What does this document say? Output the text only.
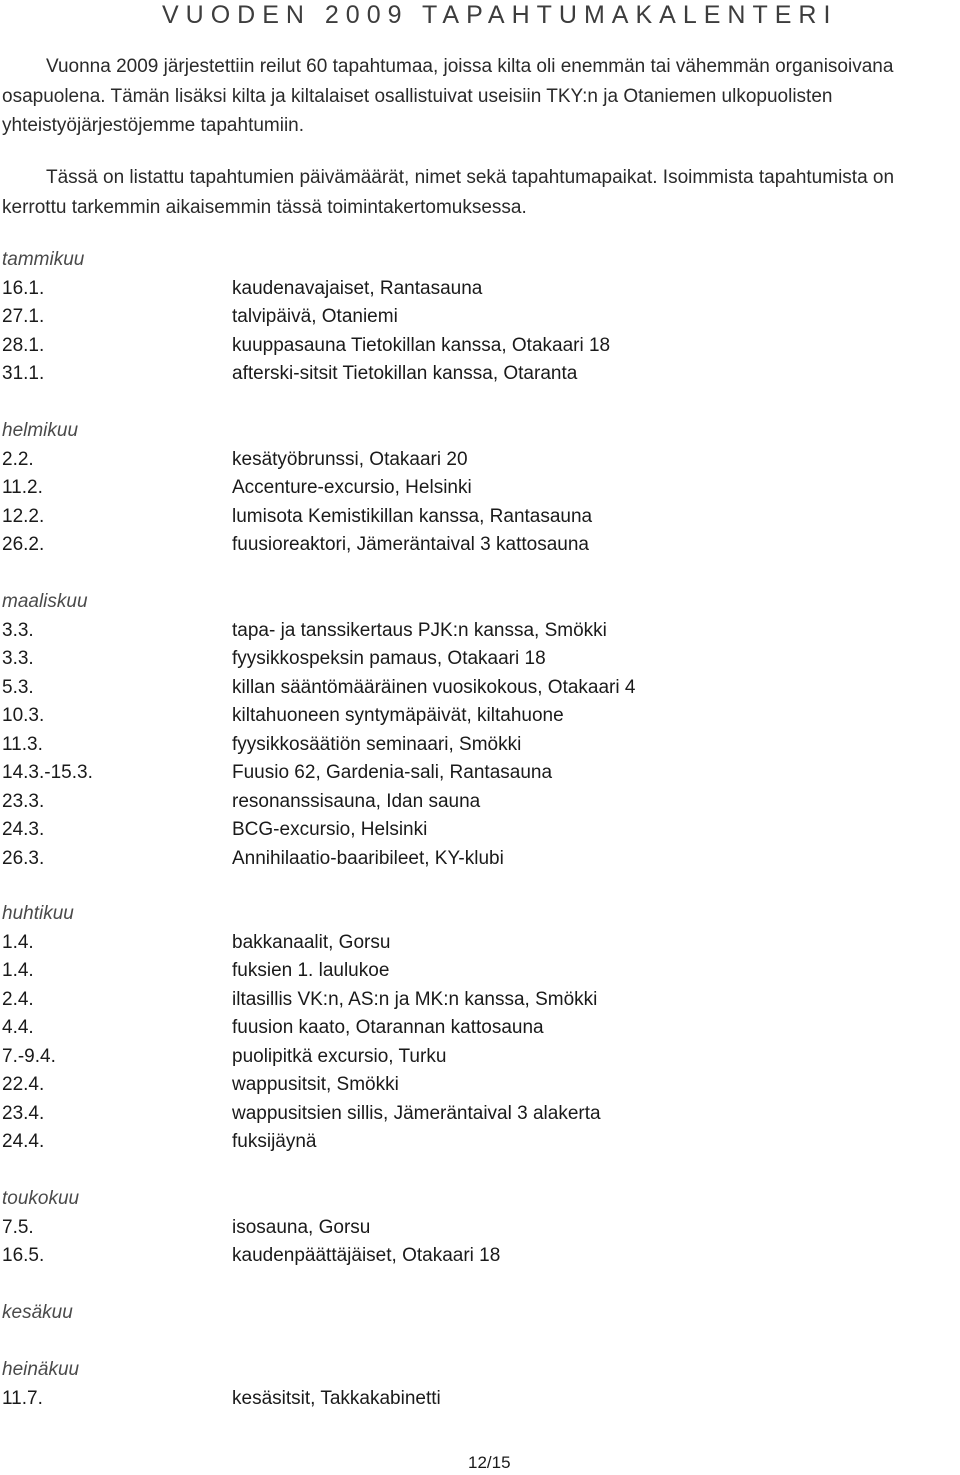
VUODEN 2009 TAPAHTUMAKALENTERI

Vuonna 2009 järjestettiin reilut 60 tapahtumaa, joissa kilta oli enemmän tai vähemmän organisoivana osapuolena. Tämän lisäksi kilta ja kiltalaiset osallistuivat useisiin TKY:n ja Otaniemen ulkopuolisten yhteistyöjärjestöjemme tapahtumiin.

Tässä on listattu tapahtumien päivämäärät, nimet sekä tapahtumapaikat. Isoimmista tapahtumista on kerrottu tarkemmin aikaisemmin tässä toimintakertomuksessa.

tammikuu
16.1.	kaudenavajaiset, Rantasauna
27.1.	talvipäivä, Otaniemi
28.1.	kuuppasauna Tietokillan kanssa, Otakaari 18
31.1.	afterski-sitsit Tietokillan kanssa, Otaranta
helmikuu
2.2.	kesätyöbrunssi, Otakaari 20
11.2.	Accenture-excursio, Helsinki
12.2.	lumisota Kemistikillan kanssa, Rantasauna
26.2.	fuusioreaktori, Jämeräntaival 3 kattosauna
maaliskuu
3.3.	tapa- ja tanssikertaus PJK:n kanssa, Smökki
3.3.	fyysikkospeksin pamaus, Otakaari 18
5.3.	killan sääntömääräinen vuosikokous, Otakaari 4
10.3.	kiltahuoneen syntymäpäivät, kiltahuone
11.3.	fyysikkosäätiön seminaari, Smökki
14.3.-15.3.	Fuusio 62, Gardenia-sali, Rantasauna
23.3.	resonanssisauna, Idan sauna
24.3.	BCG-excursio, Helsinki
26.3.	Annihilaatio-baaribileet, KY-klubi
huhtikuu
1.4.	bakkanaalit, Gorsu
1.4.	fuksien 1. laulukoe
2.4.	iltasillis VK:n, AS:n ja MK:n kanssa, Smökki
4.4.	fuusion kaato, Otarannan kattosauna
7.-9.4.	puolipitkä excursio, Turku
22.4.	wappusitsit, Smökki
23.4.	wappusitsien sillis, Jämeräntaival 3 alakerta
24.4.	fuksijäynä
toukokuu
7.5.	isosauna, Gorsu
16.5.	kaudenpäättäjäiset, Otakaari 18
kesäkuu
heinäkuu
11.7.	kesäsitsit, Takkakabinetti
12/15
